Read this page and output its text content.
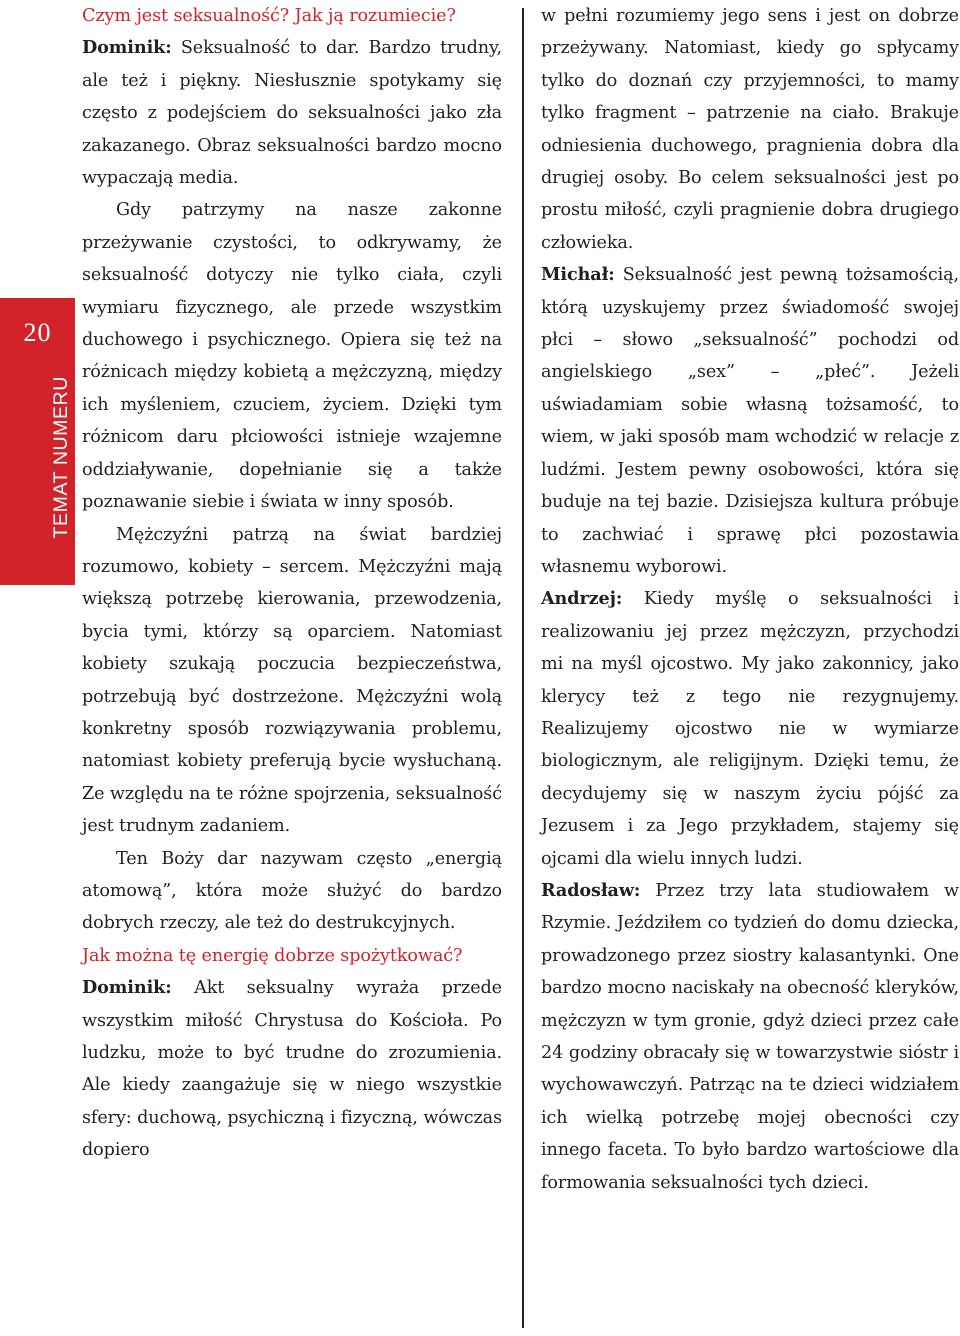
20
TEMAT NUMERU

Czym jest seksualność? Jak ją rozumiecie?

Dominik: Seksualność to dar. Bardzo trudny, ale też i piękny. Niesłusznie spotykamy się często z podejściem do seksualności jako zła zakazanego. Obraz seksualności bardzo mocno wypaczają media.

Gdy patrzymy na nasze zakonne przeżywanie czystości, to odkrywamy, że seksualność dotyczy nie tylko ciała, czyli wymiaru fizycznego, ale przede wszystkim duchowego i psychicznego. Opiera się też na różnicach między kobietą a mężczyzną, między ich myśleniem, czuciem, życiem. Dzięki tym różnicom daru płciowości istnieje wzajemne oddziaływanie, dopełnianie się a także poznawanie siebie i świata w inny sposób.

Mężczyźni patrzą na świat bardziej rozumowo, kobiety – sercem. Mężczyźni mają większą potrzebę kierowania, przewodzenia, bycia tymi, którzy są oparciem. Natomiast kobiety szukają poczucia bezpieczeństwa, potrzebują być dostrzeżone. Mężczyźni wolą konkretny sposób rozwiązywania problemu, natomiast kobiety preferują bycie wysłuchaną. Ze względu na te różne spojrzenia, seksualność jest trudnym zadaniem.

Ten Boży dar nazywam często „energią atomową”, która może służyć do bardzo dobrych rzeczy, ale też do destrukcyjnych.

Jak można tę energię dobrze spożytkować?

Dominik: Akt seksualny wyraża przede wszystkim miłość Chrystusa do Kościoła. Po ludzku, może to być trudne do zrozumienia. Ale kiedy zaangażuje się w niego wszystkie sfery: duchową, psychiczną i fizyczną, wówczas dopiero

w pełni rozumiemy jego sens i jest on dobrze przeżywany. Natomiast, kiedy go spłycamy tylko do doznań czy przyjemności, to mamy tylko fragment – patrzenie na ciało. Brakuje odniesienia duchowego, pragnienia dobra dla drugiej osoby. Bo celem seksualności jest po prostu miłość, czyli pragnienie dobra drugiego człowieka.

Michał: Seksualność jest pewną tożsamością, którą uzyskujemy przez świadomość swojej płci – słowo „seksualność” pochodzi od angielskiego „sex” – „płeć”. Jeżeli uświadamiam sobie własną tożsamość, to wiem, w jaki sposób mam wchodzić w relacje z ludźmi. Jestem pewny osobowości, która się buduje na tej bazie. Dzisiejsza kultura próbuje to zachwiać i sprawę płci pozostawia własnemu wyborowi.

Andrzej: Kiedy myślę o seksualności i realizowaniu jej przez mężczyzn, przychodzi mi na myśl ojcostwo. My jako zakonnicy, jako klerycy też z tego nie rezygnujemy. Realizujemy ojcostwo nie w wymiarze biologicznym, ale religijnym. Dzięki temu, że decydujemy się w naszym życiu pójść za Jezusem i za Jego przykładem, stajemy się ojcami dla wielu innych ludzi.

Radosław: Przez trzy lata studiowałem w Rzymie. Jeździłem co tydzień do domu dziecka, prowadzonego przez siostry kalasantynki. One bardzo mocno naciskały na obecność kleryków, mężczyzn w tym gronie, gdyż dzieci przez całe 24 godziny obracały się w towarzystwie sióstr i wychowawczyń. Patrząc na te dzieci widziałem ich wielką potrzebę mojej obecności czy innego faceta. To było bardzo wartościowe dla formowania seksualności tych dzieci.
